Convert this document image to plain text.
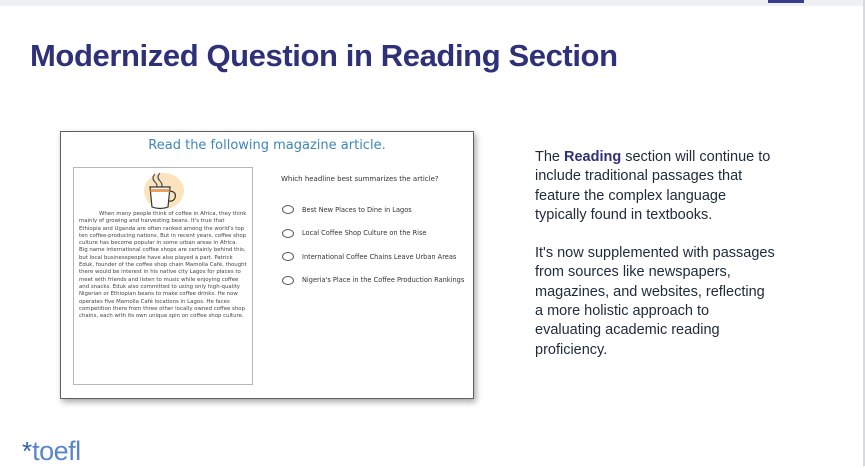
Modernized Question in Reading Section
Read the following magazine article.

When many people think of coffee in Africa, they think mainly of growing and harvesting beans. It's true that Ethiopia and Uganda are often ranked among the world's top ten coffee-producing nations. But in recent years, coffee shop culture has become popular in some urban areas in Africa. Big name international coffee shops are certainly behind this, but local businesspeople have also played a part. Patrick Eduk, founder of the coffee shop chain Mamolla Café, thought there would be interest in his native city Lagos for places to meet with friends and listen to music while enjoying coffee and snacks. Eduk also committed to using only high-quality Nigerian or Ethiopian beans to make coffee drinks. He now operates five Mamolla Café locations in Lagos. He faces competition there from three other locally owned coffee shop chains, each with its own unique spin on coffee shop culture.

Which headline best summarizes the article?

Best New Places to Dine in Lagos
Local Coffee Shop Culture on the Rise
International Coffee Chains Leave Urban Areas
Nigeria's Place in the Coffee Production Rankings

The Reading section will continue to include traditional passages that feature the complex language typically found in textbooks.

It's now supplemented with passages from sources like newspapers, magazines, and websites, reflecting a more holistic approach to evaluating academic reading proficiency.

* toefl
